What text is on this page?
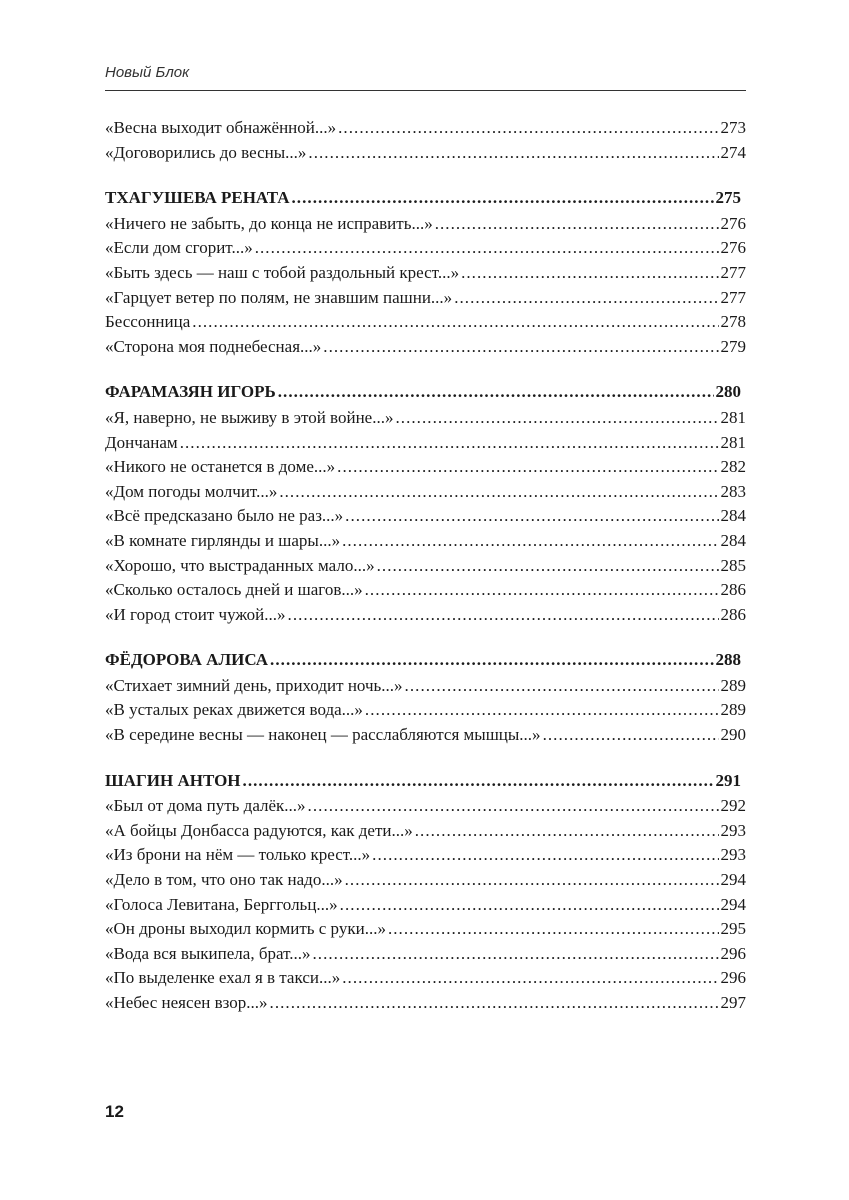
Новый Блок
«Весна выходит обнажённой...» . . .	273
«Договорились до весны...» . . .	274
ТХАГУШЕВА РЕНАТА . . .	275
«Ничего не забыть, до конца не исправить...» . . .	276
«Если дом сгорит...» . . .	276
«Быть здесь — наш с тобой раздольный крест...» . . .	277
«Гарцует ветер по полям, не знавшим пашни...» . . .	277
Бессонница . . .	278
«Сторона моя поднебесная...» . . .	279
ФАРАМАЗЯН ИГОРЬ . . .	280
«Я, наверно, не выживу в этой войне...» . . .	281
Дончанам . . .	281
«Никого не останется в доме...» . . .	282
«Дом погоды молчит...» . . .	283
«Всё предсказано было не раз...» . . .	284
«В комнате гирлянды и шары...» . . .	284
«Хорошо, что выстраданных мало...» . . .	285
«Сколько осталось дней и шагов...» . . .	286
«И город стоит чужой...» . . .	286
ФЁДОРОВА АЛИСА . . .	288
«Стихает зимний день, приходит ночь...» . . .	289
«В усталых реках движется вода...» . . .	289
«В середине весны — наконец — расслабляются мышцы...» . . .	290
ШАГИН АНТОН . . .	291
«Был от дома путь далёк...» . . .	292
«А бойцы Донбасса радуются, как дети...» . . .	293
«Из брони на нём — только крест...» . . .	293
«Дело в том, что оно так надо...» . . .	294
«Голоса Левитана, Берггольц...» . . .	294
«Он дроны выходил кормить с руки...» . . .	295
«Вода вся выкипела, брат...» . . .	296
«По выделенке ехал я в такси...» . . .	296
«Небес неясен взор...» . . .	297
12
